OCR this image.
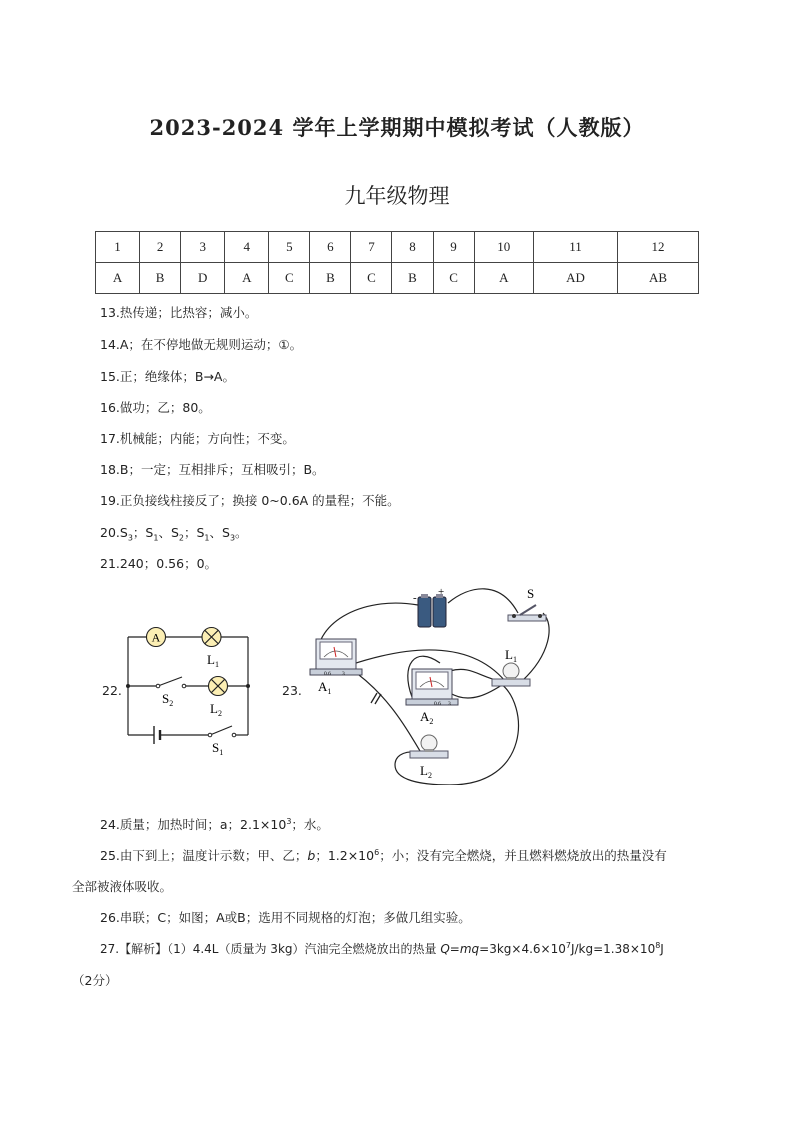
2023-2024 学年上学期期中模拟考试（人教版）
九年级物理
1	2	3	4	5	6	7	8	9	10	11	12
A	B	D	A	C	B	C	B	C	A	AD	AB
13.热传递；比热容；减小。
14.A；在不停地做无规则运动；①。
15.正；绝缘体；B→A。
16.做功；乙；80。
17.机械能；内能；方向性；不变。
18.B；一定；互相排斥；互相吸引；B。
19.正负接线柱接反了；换接 0~0.6A 的量程；不能。
$20.S_3$；$S_1$、$S_2$；$S_1$、$S_3$。
21.240；0.56；0。
22.
A
$L_1$
$L_2$
$S_2$
$S_1$
23.
- +	S
0.6 3
$A_1$
0.6 3
$A_2$
$L_1$
$L_2$
24.质量；加热时间；a；$2.1\times 10^3$；水。
25.由下到上；温度计示数；甲、乙；b；$1.2\times 10^6$；小；没有完全燃烧，并且燃料燃烧放出的热量没有
全部被液体吸收。
26.串联；C；如图；A或B；选用不同规格的灯泡；多做几组实验。
27.【解析】（1）4.4L（质量为 3kg）汽油完全燃烧放出的热量 $Q=mq=3kg\times 4.6\times 10^7J/kg=1.38\times 10^8J$
（2分）
